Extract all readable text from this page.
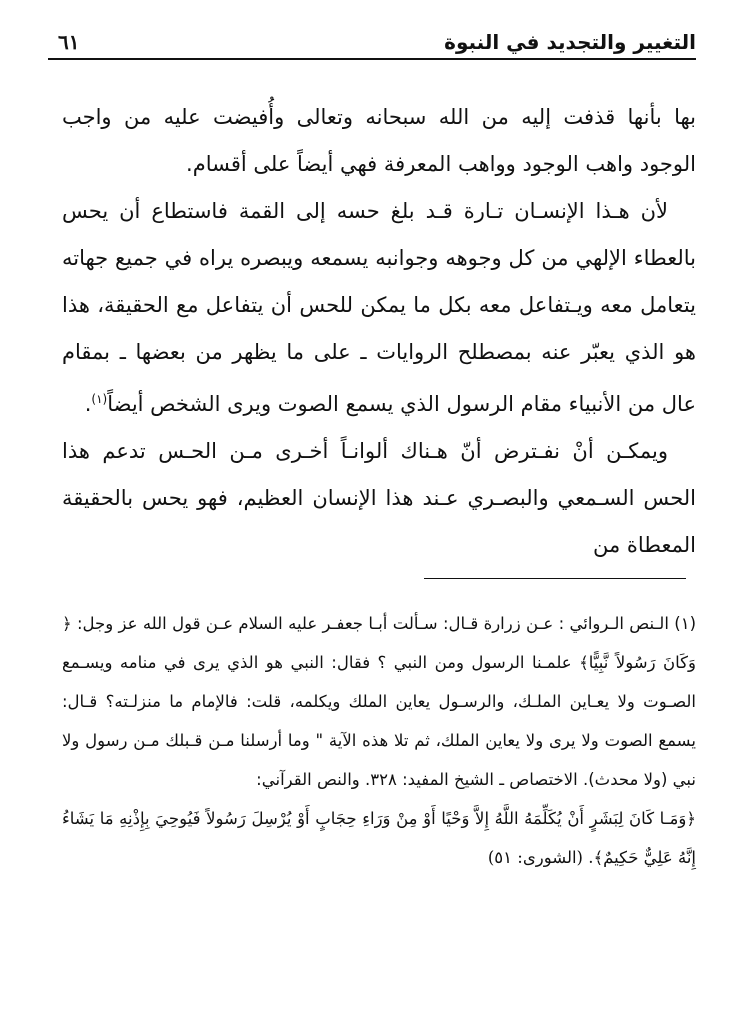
٦١	التغيير والتجديد في النبوة

بها بأنها قذفت إليه من الله سبحانه وتعالى وأُفيضت عليه من واجب الوجود واهب الوجود وواهب المعرفة فهي أيضاً على أقسام.

لأن هـذا الإنسـان تـارة قـد بلغ حسه إلى القمة فاستطاع أن يحس بالعطاء الإلهي من كل وجوهه وجوانبه يسمعه ويبصره يراه في جميع جهاته يتعامل معه ويـتفاعل معه بكل ما يمكن للحس أن يتفاعل مع الحقيقة، هذا هو الذي يعبّر عنه بمصطلح الروايات ـ على ما يظهر من بعضها ـ بمقام عال من الأنبياء مقام الرسول الذي يسمع الصوت ويرى الشخص أيضاً$^{(١)}$.

ويمكـن أنْ نفـترض أنّ هـناك ألوانـاً أخـرى مـن الحـس تدعم هذا الحس السـمعي والبصـري عـند هذا الإنسان العظيم، فهو يحس بالحقيقة المعطاة من

(١) الـنص الـروائي : عـن زرارة قـال: سـألت أبـا جعفـر عليه السلام عـن قول الله عز وجل: ﴿ وَكَانَ رَسُولاً نَّبِيًّا﴾ علمـنا الرسول ومن النبي ؟ فقال: النبي هو الذي يرى في منامه ويسـمع الصـوت ولا يعـاين الملـك، والرسـول يعاين الملك ويكلمه، قلت: فالإمام ما منزلـته؟ قـال: يسمع الصوت ولا يرى ولا يعاين الملك، ثم تلا هذه الآية " وما أرسلنا مـن قـبلك مـن رسول ولا نبي (ولا محدث). الاختصاص ـ الشيخ المفيد: ٣٢٨. والنص القرآني:

﴿وَمَـا كَانَ لِبَشَرٍ أَنْ يُكَلِّمَهُ اللَّهُ إِلاَّ وَحْيًا أَوْ مِنْ وَرَاءِ حِجَابٍ أَوْ يُرْسِلَ رَسُولاً فَيُوحِيَ بِإِذْنِهِ مَا يَشَاءُ إِنَّهُ عَلِيٌّ حَكِيمٌ﴾. (الشورى: ٥١)
